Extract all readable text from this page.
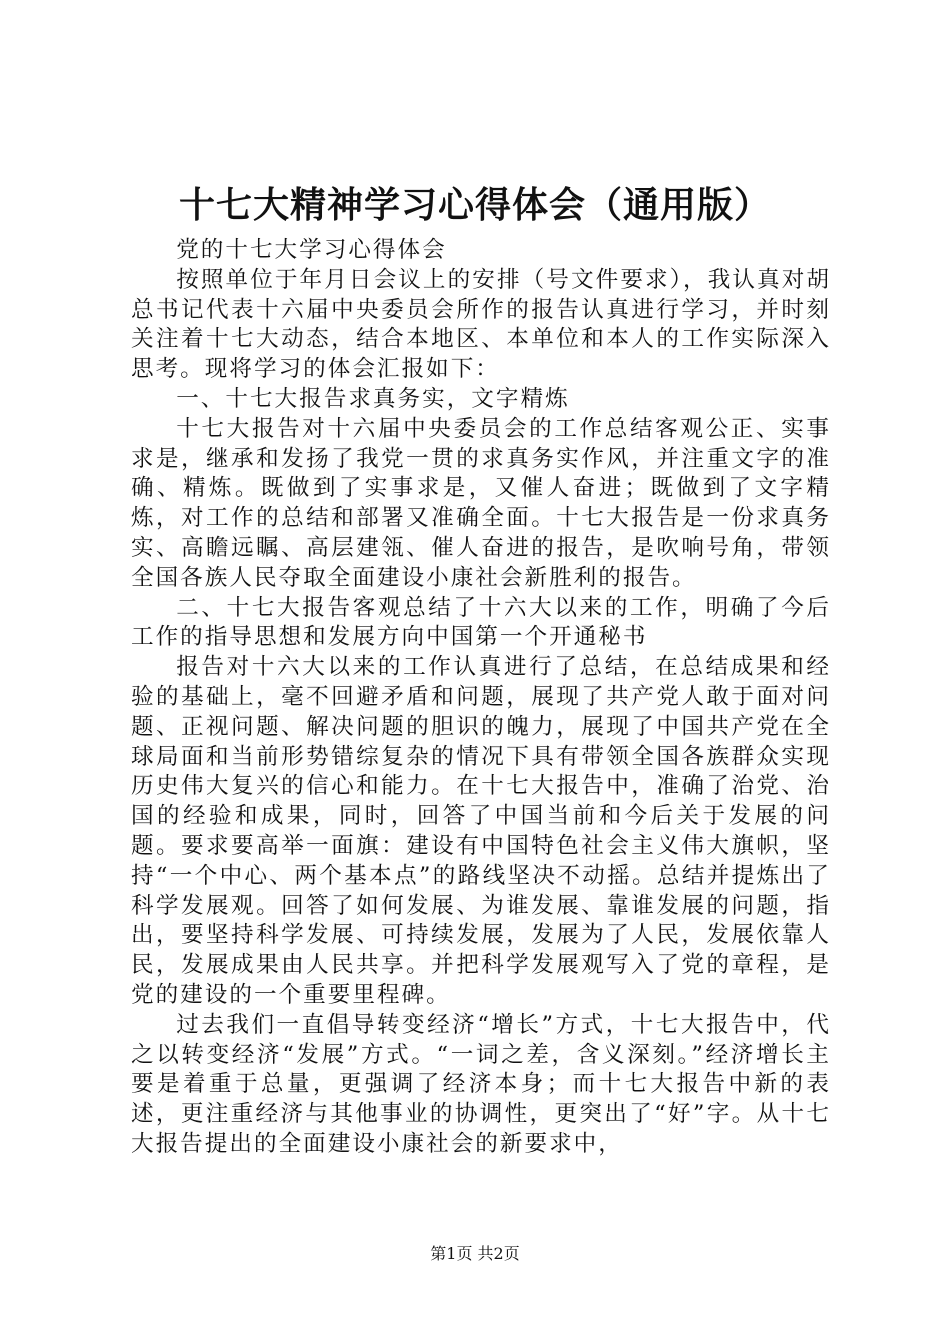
十七大精神学习心得体会（通用版）

党的十七大学习心得体会

按照单位于年月日会议上的安排（号文件要求），我认真对胡总书记代表十六届中央委员会所作的报告认真进行学习，并时刻关注着十七大动态，结合本地区、本单位和本人的工作实际深入思考。现将学习的体会汇报如下：

一、十七大报告求真务实，文字精炼

十七大报告对十六届中央委员会的工作总结客观公正、实事求是，继承和发扬了我党一贯的求真务实作风，并注重文字的准确、精炼。既做到了实事求是，又催人奋进；既做到了文字精炼，对工作的总结和部署又准确全面。十七大报告是一份求真务实、高瞻远瞩、高层建瓴、催人奋进的报告，是吹响号角，带领全国各族人民夺取全面建设小康社会新胜利的报告。

二、十七大报告客观总结了十六大以来的工作，明确了今后工作的指导思想和发展方向中国第一个开通秘书

报告对十六大以来的工作认真进行了总结，在总结成果和经验的基础上，毫不回避矛盾和问题，展现了共产党人敢于面对问题、正视问题、解决问题的胆识的魄力，展现了中国共产党在全球局面和当前形势错综复杂的情况下具有带领全国各族群众实现历史伟大复兴的信心和能力。在十七大报告中，准确了治党、治国的经验和成果，同时，回答了中国当前和今后关于发展的问题。要求要高举一面旗：建设有中国特色社会主义伟大旗帜，坚持“一个中心、两个基本点”的路线坚决不动摇。总结并提炼出了科学发展观。回答了如何发展、为谁发展、靠谁发展的问题，指出，要坚持科学发展、可持续发展，发展为了人民，发展依靠人民，发展成果由人民共享。并把科学发展观写入了党的章程，是党的建设的一个重要里程碑。

过去我们一直倡导转变经济“增长”方式，十七大报告中，代之以转变经济“发展”方式。“一词之差，含义深刻。”经济增长主要是着重于总量，更强调了经济本身；而十七大报告中新的表述，更注重经济与其他事业的协调性，更突出了“好”字。从十七大报告提出的全面建设小康社会的新要求中，

第1页 共2页
